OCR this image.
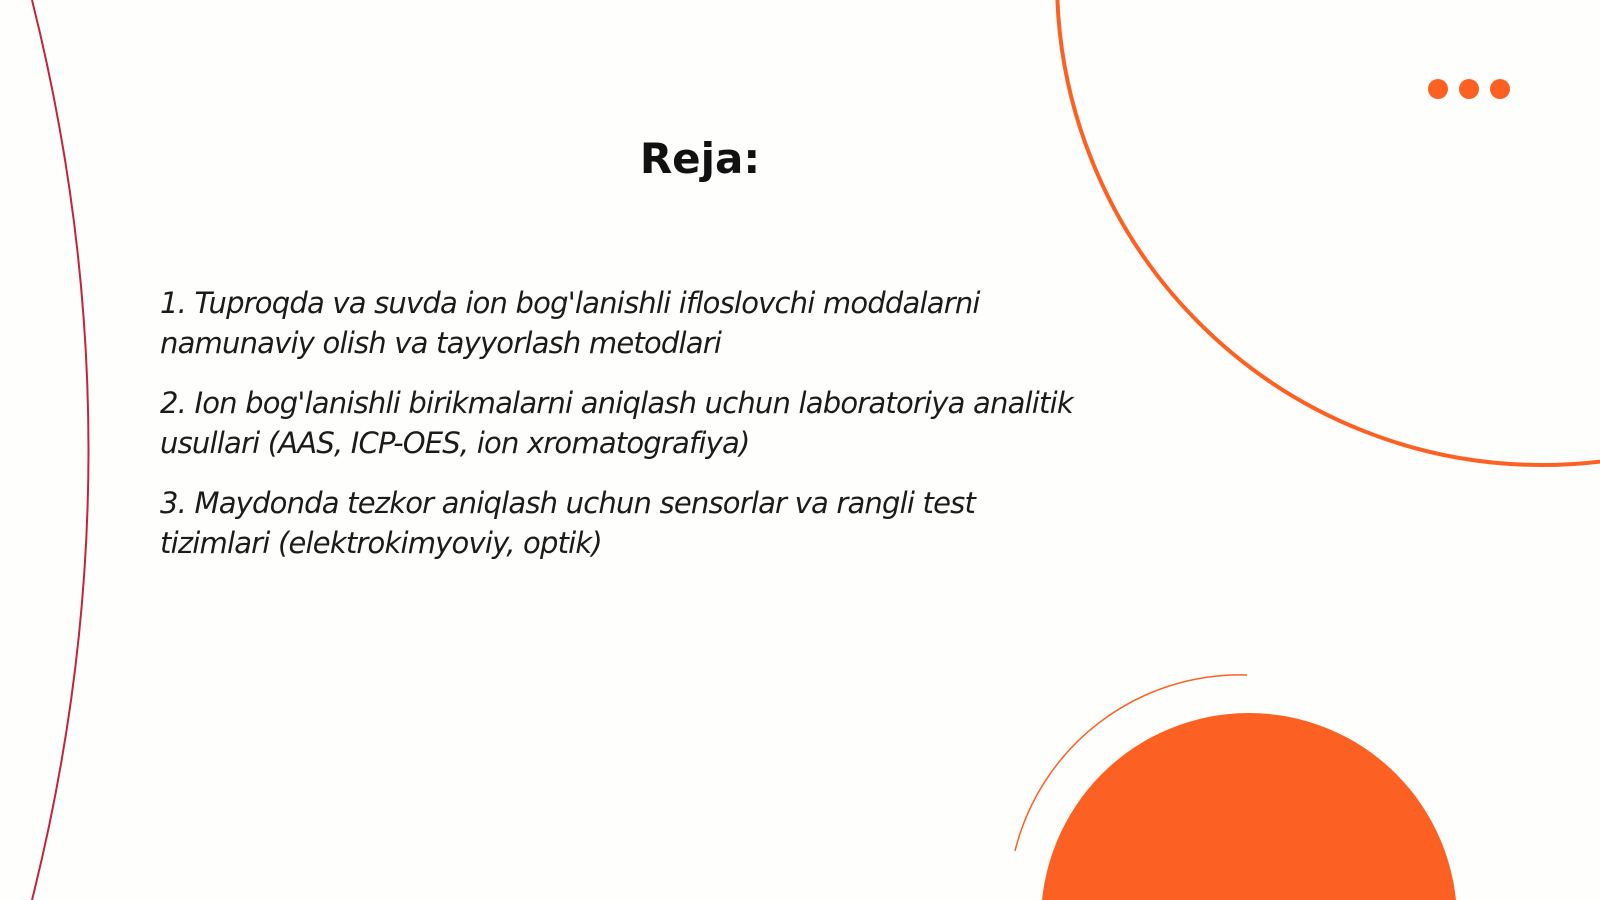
Reja:
1. Tuproqda va suvda ion bog'lanishli ifloslovchi moddalarni namunaviy olish va tayyorlash metodlari
2. Ion bog'lanishli birikmalarni aniqlash uchun laboratoriya analitik usullari (AAS, ICP-OES, ion xromatografiya)
3. Maydonda tezkor aniqlash uchun sensorlar va rangli test tizimlari (elektrokimyoviy, optik)
